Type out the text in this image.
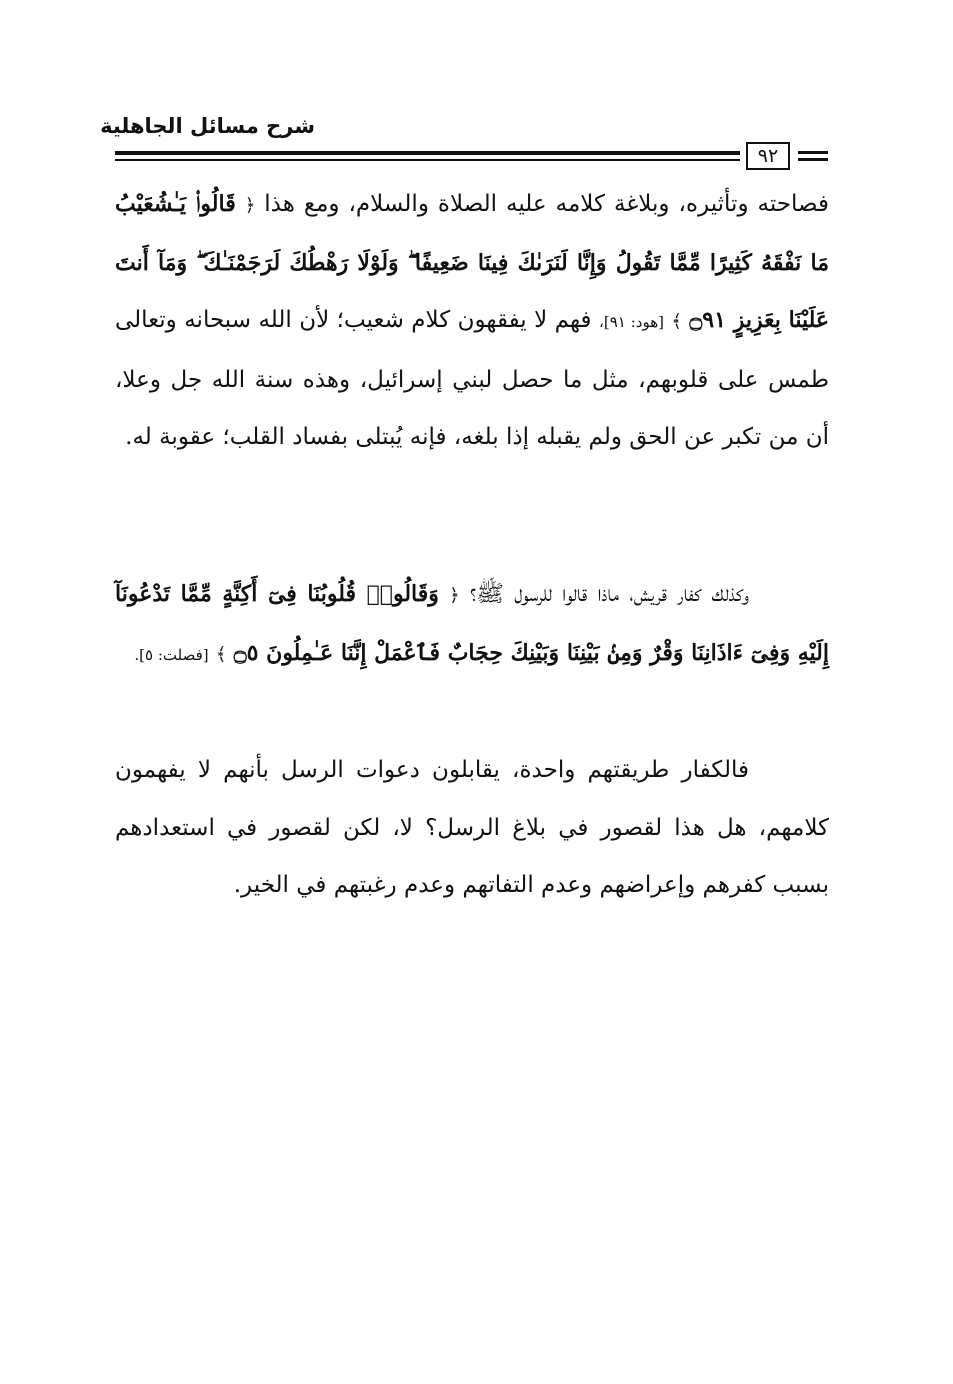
شرح مسائل الجاهلية
٩٢
فصاحته وتأثيره، وبلاغة كلامه عليه الصلاة والسلام، ومع هذا ﴿ قَالُوا۟ يَـٰشُعَيْبُ مَا نَفْقَهُ كَثِيرًا مِّمَّا تَقُولُ وَإِنَّا لَنَرَىٰكَ فِينَا ضَعِيفًا ۖ وَلَوْلَا رَهْطُكَ لَرَجَمْنَـٰكَ ۖ وَمَآ أَنتَ عَلَيْنَا بِعَزِيزٍ ۝٩١ ﴾ [هود: ٩١]، فهم لا يفقهون كلام شعيب؛ لأن الله سبحانه وتعالى طمس على قلوبهم، مثل ما حصل لبني إسرائيل، وهذه سنة الله جل وعلا، أن من تكبر عن الحق ولم يقبله إذا بلغه، فإنه يُبتلى بفساد القلب؛ عقوبة له.
وكذلك كفار قريش، ماذا قالوا للرسول ﷺ؟ ﴿ وَقَالُوا۟ قُلُوبُنَا فِىٓ أَكِنَّةٍ مِّمَّا تَدْعُونَآ إِلَيْهِ وَفِىٓ ءَاذَانِنَا وَقْرٌ وَمِنۢ بَيْنِنَا وَبَيْنِكَ حِجَابٌ فَٱعْمَلْ إِنَّنَا عَـٰمِلُونَ ۝٥ ﴾ [فصلت: ٥].
فالكفار طريقتهم واحدة، يقابلون دعوات الرسل بأنهم لا يفهمون كلامهم، هل هذا لقصور في بلاغ الرسل؟ لا، لكن لقصور في استعدادهم بسبب كفرهم وإعراضهم وعدم التفاتهم وعدم رغبتهم في الخير.
